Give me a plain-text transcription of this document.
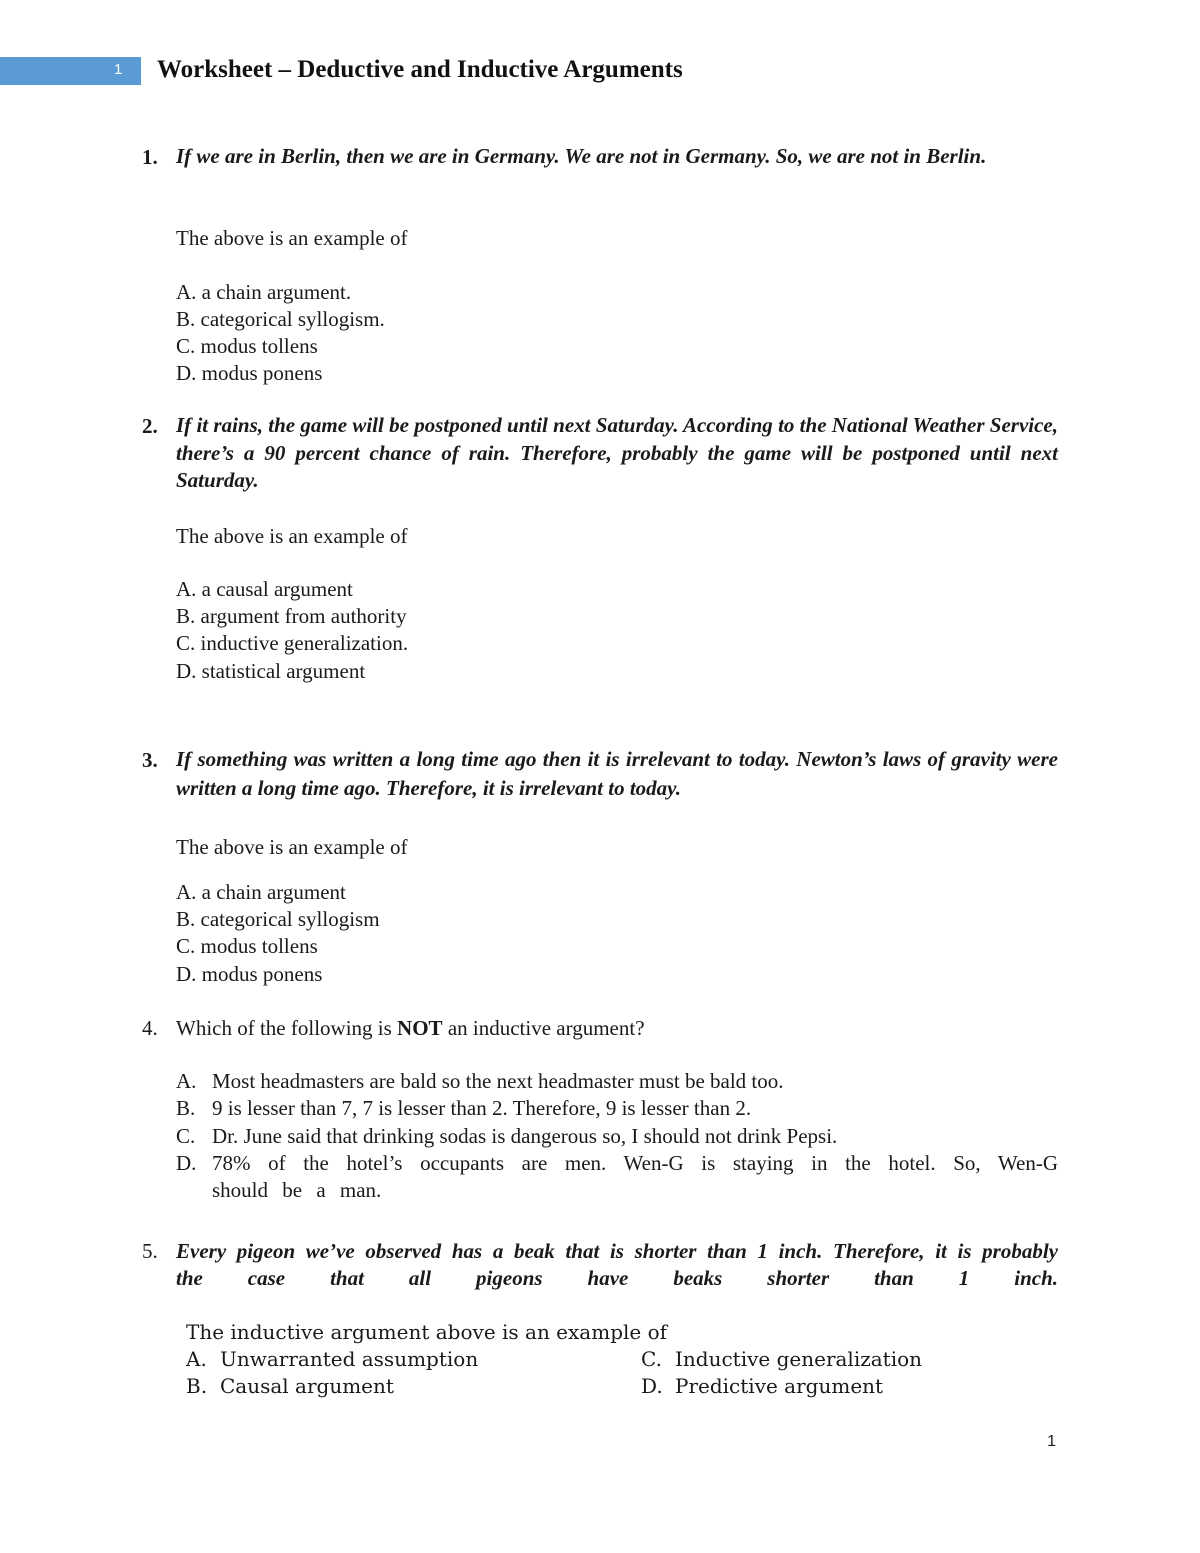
1	Worksheet – Deductive and Inductive Arguments
1. If we are in Berlin, then we are in Germany. We are not in Germany. So, we are not in Berlin.
The above is an example of
A. a chain argument.
B. categorical syllogism.
C. modus tollens
D. modus ponens
2. If it rains, the game will be postponed until next Saturday. According to the National Weather Service, there’s a 90 percent chance of rain. Therefore, probably the game will be postponed until next Saturday.
The above is an example of
A. a causal argument
B. argument from authority
C. inductive generalization.
D. statistical argument
3. If something was written a long time ago then it is irrelevant to today. Newton’s laws of gravity were written a long time ago. Therefore, it is irrelevant to today.
The above is an example of
A. a chain argument
B. categorical syllogism
C. modus tollens
D. modus ponens
4. Which of the following is NOT an inductive argument?
A. Most headmasters are bald so the next headmaster must be bald too.
B. 9 is lesser than 7, 7 is lesser than 2. Therefore, 9 is lesser than 2.
C. Dr. June said that drinking sodas is dangerous so, I should not drink Pepsi.
D. 78% of the hotel’s occupants are men. Wen-G is staying in the hotel. So, Wen-G should be a man.
5. Every pigeon we’ve observed has a beak that is shorter than 1 inch. Therefore, it is probably the case that all pigeons have beaks shorter than 1 inch.
The inductive argument above is an example of
A. Unwarranted assumption
B. Causal argument
C. Inductive generalization
D. Predictive argument
1
